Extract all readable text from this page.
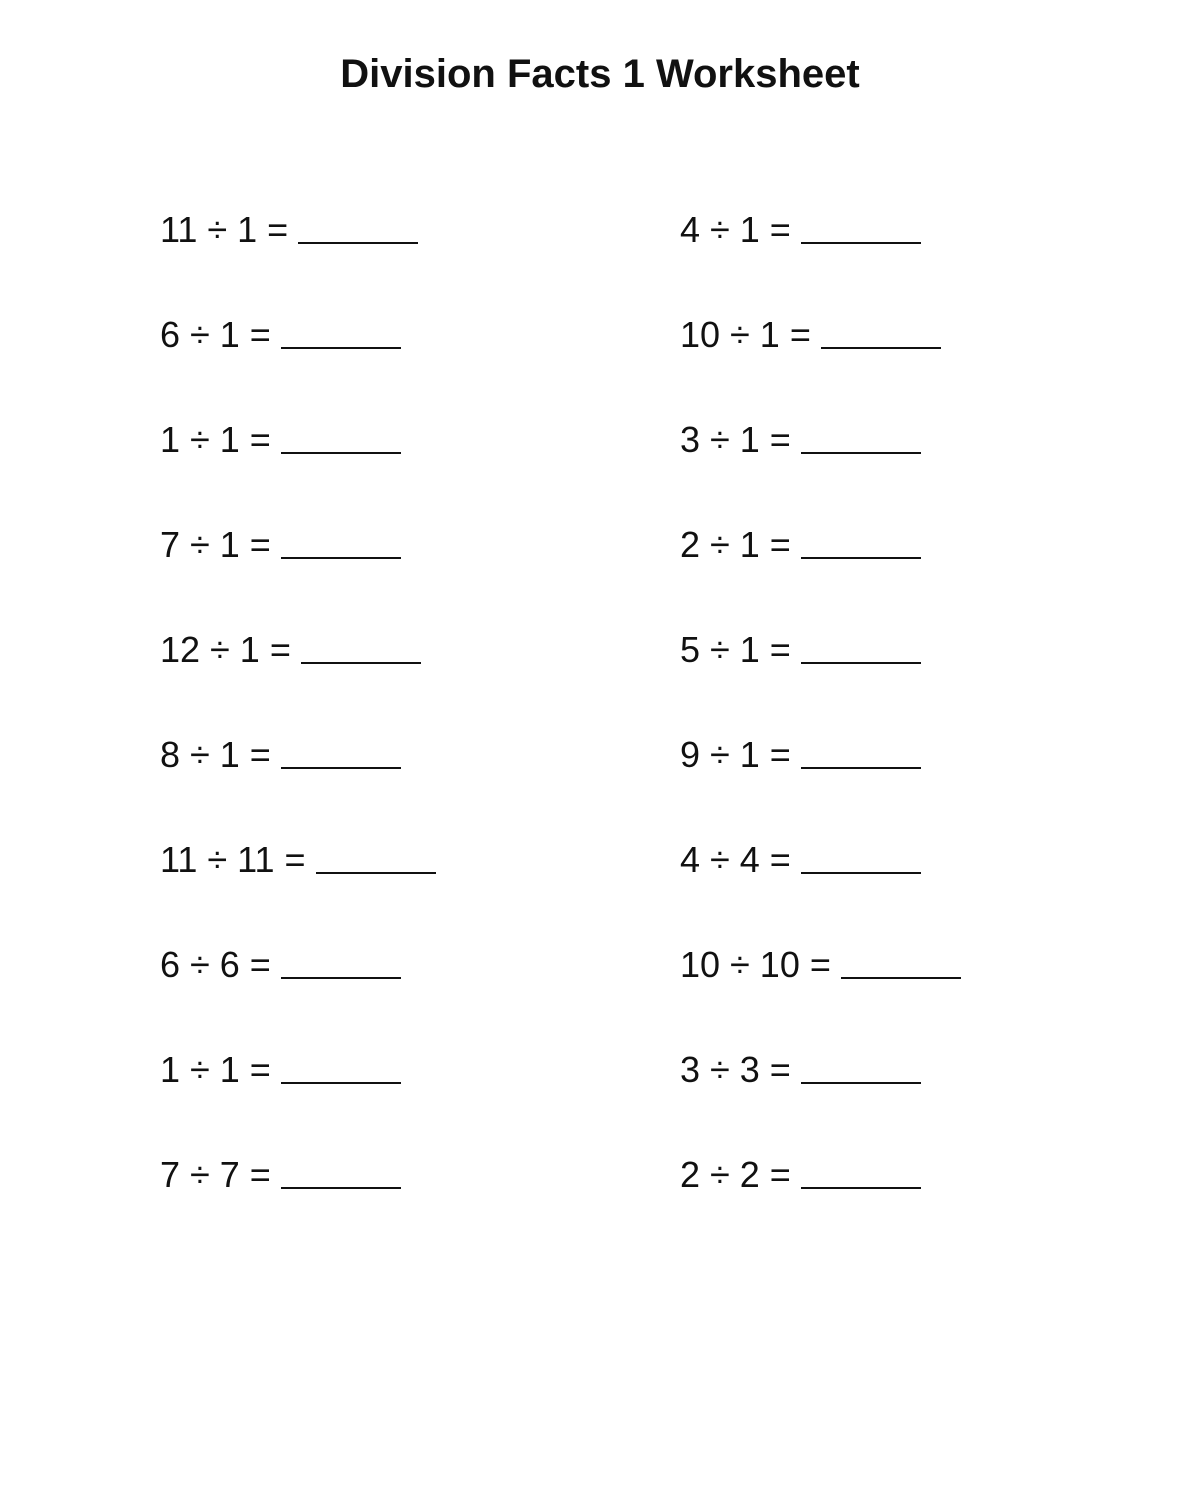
Division Facts 1 Worksheet
11 ÷ 1 =
6 ÷ 1 =
1 ÷ 1 =
7 ÷ 1 =
12 ÷ 1 =
8 ÷ 1 =
11 ÷ 11 =
6 ÷ 6 =
1 ÷ 1 =
7 ÷ 7 =
4 ÷ 1 =
10 ÷ 1 =
3 ÷ 1 =
2 ÷ 1 =
5 ÷ 1 =
9 ÷ 1 =
4 ÷ 4 =
10 ÷ 10 =
3 ÷ 3 =
2 ÷ 2 =
